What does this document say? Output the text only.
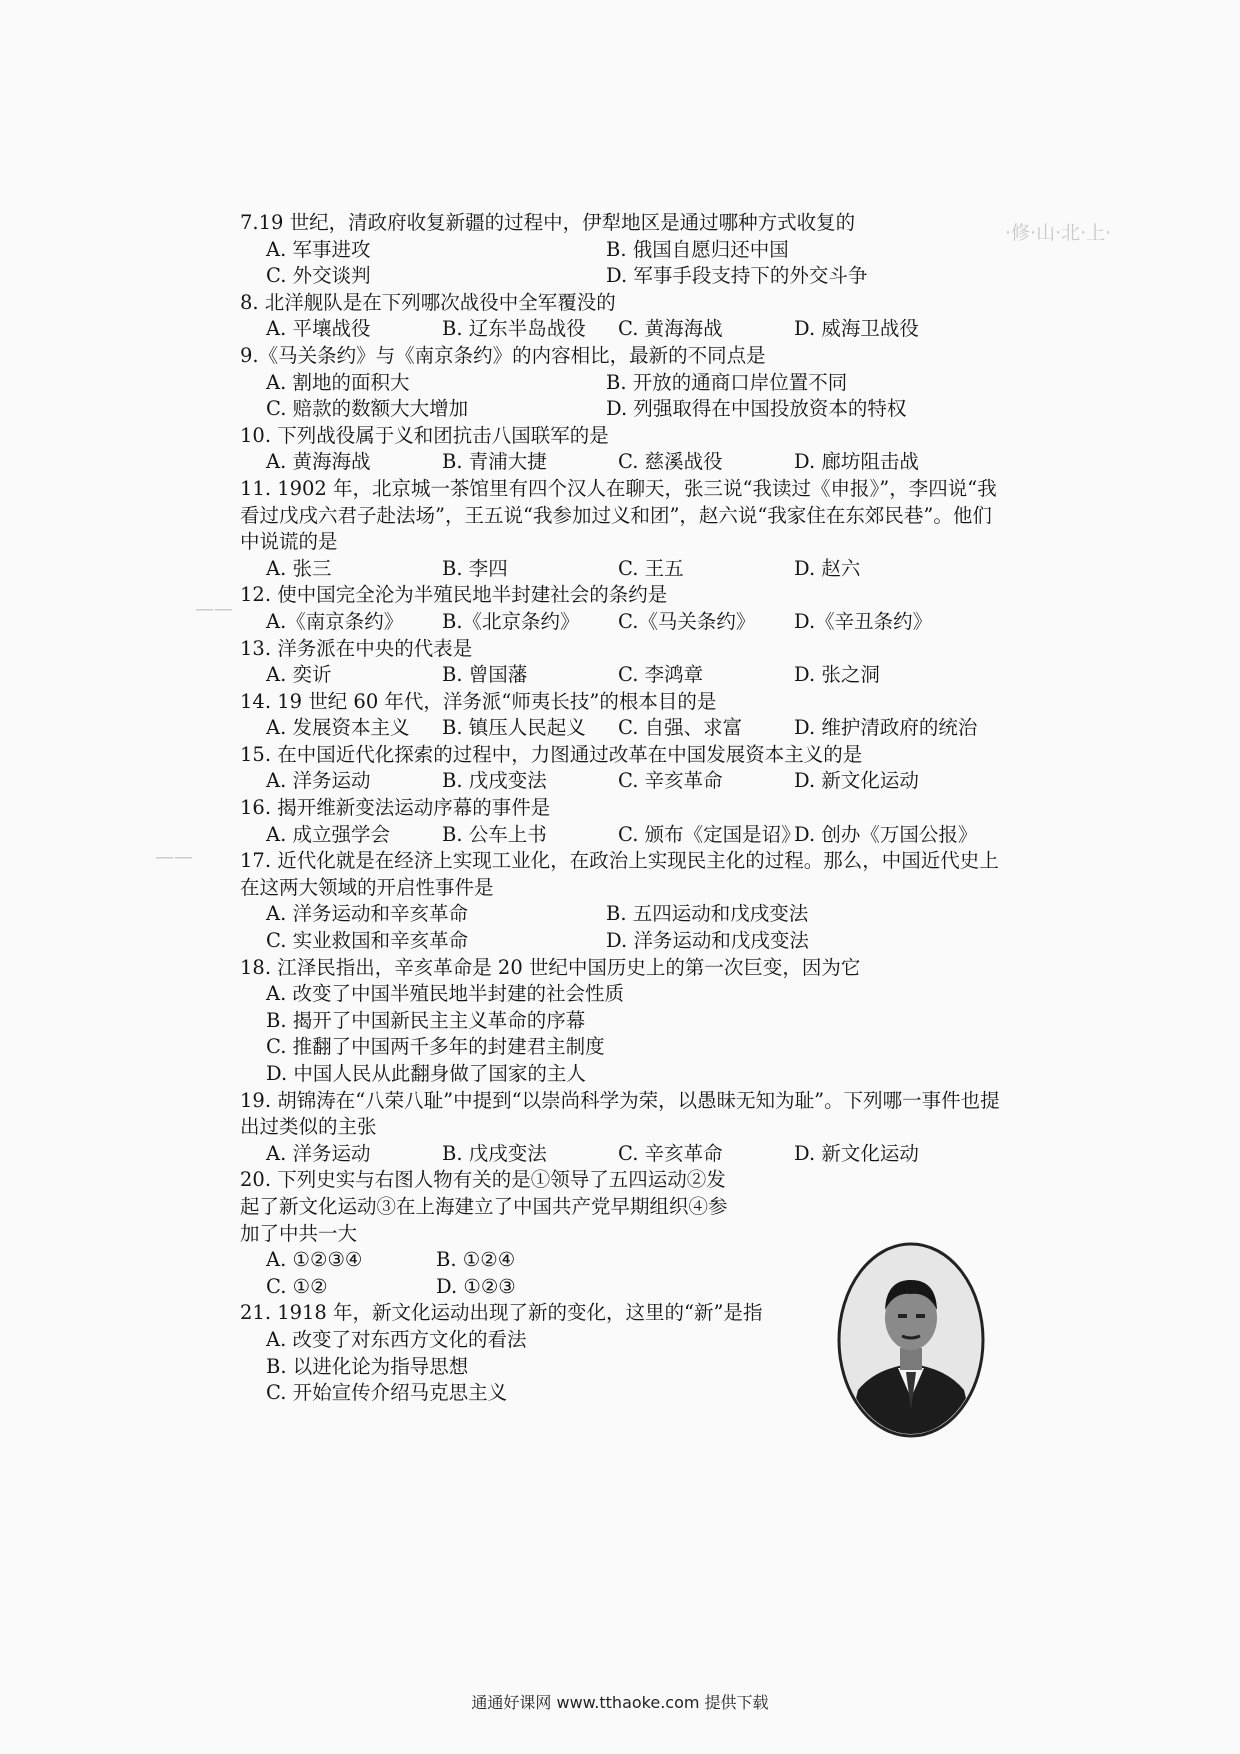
·修·山·北·上·
——
——
7.19 世纪，清政府收复新疆的过程中，伊犁地区是通过哪种方式收复的
A. 军事进攻	B. 俄国自愿归还中国
C. 外交谈判	D. 军事手段支持下的外交斗争
8. 北洋舰队是在下列哪次战役中全军覆没的
A. 平壤战役	B. 辽东半岛战役	C. 黄海海战	D. 威海卫战役
9.《马关条约》与《南京条约》的内容相比，最新的不同点是
A. 割地的面积大	B. 开放的通商口岸位置不同
C. 赔款的数额大大增加	D. 列强取得在中国投放资本的特权
10. 下列战役属于义和团抗击八国联军的是
A. 黄海海战	B. 青浦大捷	C. 慈溪战役	D. 廊坊阻击战
11. 1902 年，北京城一茶馆里有四个汉人在聊天，张三说“我读过《申报》”，李四说“我看过戊戌六君子赴法场”，王五说“我参加过义和团”，赵六说“我家住在东郊民巷”。他们中说谎的是
A. 张三	B. 李四	C. 王五	D. 赵六
12. 使中国完全沦为半殖民地半封建社会的条约是
A.《南京条约》	B.《北京条约》	C.《马关条约》	D.《辛丑条约》
13. 洋务派在中央的代表是
A. 奕䜣	B. 曾国藩	C. 李鸿章	D. 张之洞
14. 19 世纪 60 年代，洋务派“师夷长技”的根本目的是
A. 发展资本主义	B. 镇压人民起义	C. 自强、求富	D. 维护清政府的统治
15. 在中国近代化探索的过程中，力图通过改革在中国发展资本主义的是
A. 洋务运动	B. 戊戌变法	C. 辛亥革命	D. 新文化运动
16. 揭开维新变法运动序幕的事件是
A. 成立强学会	B. 公车上书	C. 颁布《定国是诏》
D. 创办《万国公报》
17. 近代化就是在经济上实现工业化，在政治上实现民主化的过程。那么，中国近代史上在这两大领域的开启性事件是
A. 洋务运动和辛亥革命	B. 五四运动和戊戌变法
C. 实业救国和辛亥革命	D. 洋务运动和戊戌变法
18. 江泽民指出，辛亥革命是 20 世纪中国历史上的第一次巨变，因为它
A. 改变了中国半殖民地半封建的社会性质
B. 揭开了中国新民主主义革命的序幕
C. 推翻了中国两千多年的封建君主制度
D. 中国人民从此翻身做了国家的主人
19. 胡锦涛在“八荣八耻”中提到“以崇尚科学为荣，以愚昧无知为耻”。下列哪一事件也提出过类似的主张
A. 洋务运动	B. 戊戌变法	C. 辛亥革命	D. 新文化运动
20. 下列史实与右图人物有关的是①领导了五四运动②发起了新文化运动③在上海建立了中国共产党早期组织④参加了中共一大
A. ①②③④	B. ①②④
C. ①②	D. ①②③
21. 1918 年，新文化运动出现了新的变化，这里的“新”是指
A. 改变了对东西方文化的看法
B. 以进化论为指导思想
C. 开始宣传介绍马克思主义
通通好课网 www.tthaoke.com 提供下载
